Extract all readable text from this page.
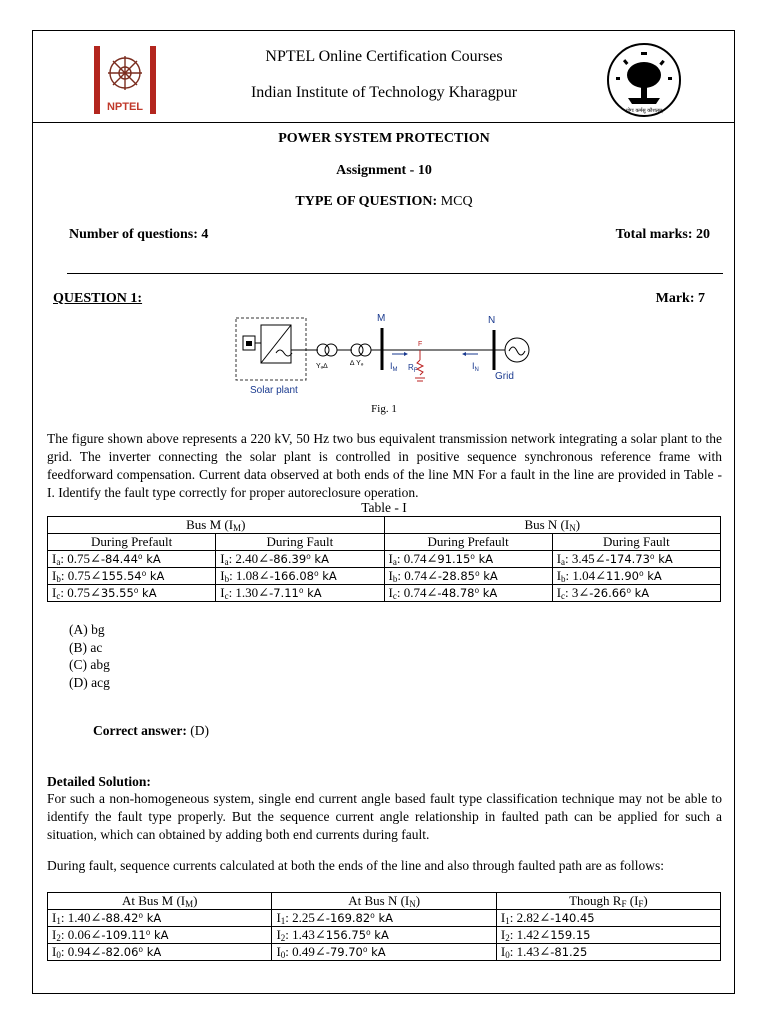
NPTEL	योगः कर्मसु कौशलम्
NPTEL Online Certification Courses
Indian Institute of Technology Kharagpur
POWER SYSTEM PROTECTION
Assignment - 10
TYPE OF QUESTION: MCQ
Number of questions: 4	Total marks: 20
QUESTION 1:	Mark: 7
Yₔ∆	∆ Yₔ
M	N
Grid
Solar plant
F
$R_F$
$I_M$	$I_N$
Fig. 1
The figure shown above represents a 220 kV, 50 Hz two bus equivalent transmission network integrating a solar plant to the grid. The inverter connecting the solar plant is controlled in positive sequence synchronous reference frame with feedforward compensation. Current data observed at both ends of the line MN For a fault in the line are provided in Table - I. Identify the fault type correctly for proper autoreclosure operation.
Table - I
Bus M $(I_M)$		Bus N $(I_N)$	
During Prefault	During Fault	During Prefault	During Fault
$I_a$: 0.75∠-84.44⁰ kA	$I_a$: 2.40∠-86.39⁰ kA	$I_a$: 0.74∠91.15⁰ kA	$I_a$: 3.45∠-174.73⁰ kA
$I_b$: 0.75∠155.54⁰ kA	$I_b$: 1.08∠-166.08⁰ kA	$I_b$: 0.74∠-28.85⁰ kA	$I_b$: 1.04∠11.90⁰ kA
$I_c$: 0.75∠35.55⁰ kA	$I_c$: 1.30∠-7.11⁰ kA	$I_c$: 0.74∠-48.78⁰ kA	$I_c$: 3∠-26.66⁰ kA
(A) bg
(B) ac
(C) abg
(D) acg
Correct answer: (D)
Detailed Solution:
For such a non-homogeneous system, single end current angle based fault type classification technique may not be able to identify the fault type properly. But the sequence current angle relationship in faulted path can be applied for such a situation, which can obtained by adding both end currents during fault.
During fault, sequence currents calculated at both the ends of the line and also through faulted path are as follows:
At Bus M $(I_M)$	At Bus N $(I_N)$	Though $R_F$ $(I_F)$
$I_1$: 1.40∠-88.42⁰ kA	$I_1$: 2.25∠-169.82⁰ kA	$I_1$: 2.82∠-140.45
$I_2$: 0.06∠-109.11⁰ kA	$I_2$: 1.43∠156.75⁰ kA	$I_2$: 1.42∠159.15
$I_0$: 0.94∠-82.06⁰ kA	$I_0$: 0.49∠-79.70⁰ kA	$I_0$: 1.43∠-81.25
